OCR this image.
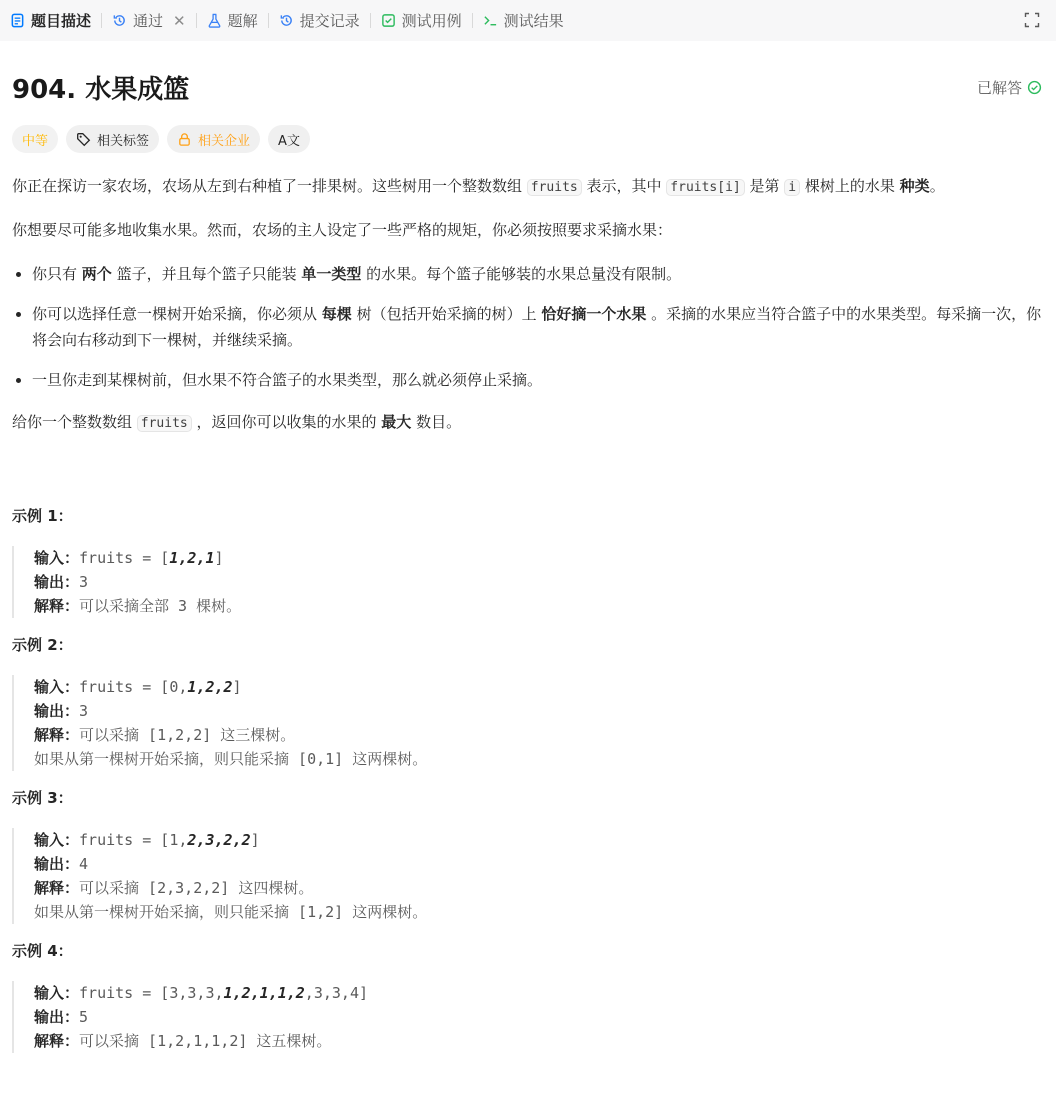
题目描述	通过 ✕	题解	提交记录	测试用例	测试结果
904. 水果成篮	已解答
中等	相关标签	相关企业 A文

你正在探访一家农场，农场从左到右种植了一排果树。这些树用一个整数数组 fruits 表示，其中 fruits[i] 是第 i 棵树上的水果 种类。

你想要尽可能多地收集水果。然而，农场的主人设定了一些严格的规矩，你必须按照要求采摘水果：

• 你只有 两个 篮子，并且每个篮子只能装 单一类型 的水果。每个篮子能够装的水果总量没有限制。
• 你可以选择任意一棵树开始采摘，你必须从 每棵 树（包括开始采摘的树）上 恰好摘一个水果 。采摘的水果应当符合篮子中的水果类型。每采摘一次，你将会向右移动到下一棵树，并继续采摘。
• 一旦你走到某棵树前，但水果不符合篮子的水果类型，那么就必须停止采摘。

给你一个整数数组 fruits ，返回你可以收集的水果的 最大 数目。

示例 1：

输入：fruits = [1,2,1]
输出：3
解释：可以采摘全部 3 棵树。

示例 2：

输入：fruits = [0,1,2,2]
输出：3
解释：可以采摘 [1,2,2] 这三棵树。
如果从第一棵树开始采摘，则只能采摘 [0,1] 这两棵树。

示例 3：

输入：fruits = [1,2,3,2,2]
输出：4
解释：可以采摘 [2,3,2,2] 这四棵树。
如果从第一棵树开始采摘，则只能采摘 [1,2] 这两棵树。

示例 4：

输入：fruits = [3,3,3,1,2,1,1,2,3,3,4]
输出：5
解释：可以采摘 [1,2,1,1,2] 这五棵树。
